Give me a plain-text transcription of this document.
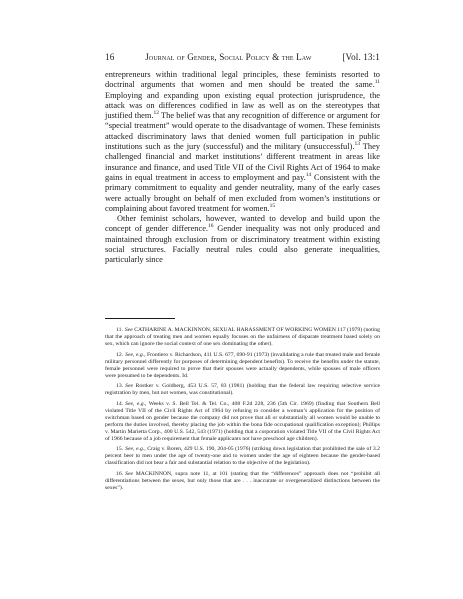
16	Journal of Gender, Social Policy & the Law	[Vol. 13:1

entrepreneurs within traditional legal principles, these feminists resorted to doctrinal arguments that women and men should be treated the same.$^{11}$ Employing and expanding upon existing equal protection jurisprudence, the attack was on differences codified in law as well as on the stereotypes that justified them.$^{12}$ The belief was that any recognition of difference or argument for “special treatment” would operate to the disadvantage of women. These feminists attacked discriminatory laws that denied women full participation in public institutions such as the jury (successful) and the military (unsuccessful).$^{13}$ They challenged financial and market institutions’ different treatment in areas like insurance and finance, and used Title VII of the Civil Rights Act of 1964 to make gains in equal treatment in access to employment and pay.$^{14}$ Consistent with the primary commitment to equality and gender neutrality, many of the early cases were actually brought on behalf of men excluded from women’s institutions or complaining about favored treatment for women.$^{15}$

Other feminist scholars, however, wanted to develop and build upon the concept of gender difference.$^{16}$ Gender inequality was not only produced and maintained through exclusion from or discriminatory treatment within existing social structures. Facially neutral rules could also generate inequalities, particularly since

11. See CATHARINE A. MACKINNON, SEXUAL HARASSMENT OF WORKING WOMEN 117 (1979) (noting that the approach of treating men and women equally focuses on the unfairness of disparate treatment based solely on sex, which can ignore the social context of one sex dominating the other).

12. See, e.g., Frontiero v. Richardson, 411 U.S. 677, 690-91 (1973) (invalidating a rule that treated male and female military personnel differently for purposes of determining dependent benefits). To receive the benefits under the statute, female personnel were required to prove that their spouses were actually dependents, while spouses of male officers were presumed to be dependents. Id.

13. See Rostker v. Goldberg, 453 U.S. 57, 83 (1981) (holding that the federal law requiring selective service registration by men, but not women, was constitutional).

14. See, e.g., Weeks v. S. Bell Tel. & Tel. Co., 408 F.2d 228, 236 (5th Cir. 1969) (finding that Southern Bell violated Title VII of the Civil Rights Act of 1964 by refusing to consider a woman’s application for the position of switchman based on gender because the company did not prove that all or substantially all women would be unable to perform the duties involved, thereby placing the job within the bona fide occupational qualification exception); Phillips v. Martin Marietta Corp., 400 U.S. 542, 543 (1971) (holding that a corporation violated Title VII of the Civil Rights Act of 1966 because of a job requirement that female applicants not have preschool age children).

15. See, e.g., Craig v. Boren, 429 U.S. 190, 204-05 (1976) (striking down legislation that prohibited the sale of 3.2 percent beer to men under the age of twenty-one and to women under the age of eighteen because the gender-based classification did not bear a fair and substantial relation to the objective of the legislation).

16. See MACKINNON, supra note 11, at 101 (stating that the “differences” approach does not “prohibit all differentiations between the sexes, but only those that are . . . inaccurate or overgeneralized distinctions between the sexes”).
